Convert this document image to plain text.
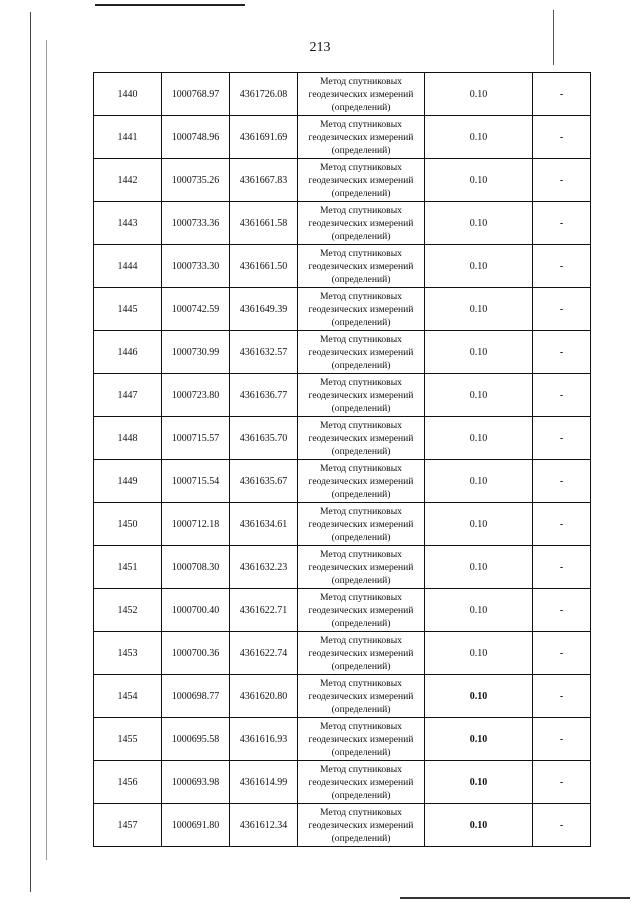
213
1440	1000768.97	4361726.08	Метод спутниковых
геодезических измерений
(определений)	0.10	-
1441	1000748.96	4361691.69	Метод спутниковых
геодезических измерений
(определений)	0.10	-
1442	1000735.26	4361667.83	Метод спутниковых
геодезических измерений
(определений)	0.10	-
1443	1000733.36	4361661.58	Метод спутниковых
геодезических измерений
(определений)	0.10	-
1444	1000733.30	4361661.50	Метод спутниковых
геодезических измерений
(определений)	0.10	-
1445	1000742.59	4361649.39	Метод спутниковых
геодезических измерений
(определений)	0.10	-
1446	1000730.99	4361632.57	Метод спутниковых
геодезических измерений
(определений)	0.10	-
1447	1000723.80	4361636.77	Метод спутниковых
геодезических измерений
(определений)	0.10	-
1448	1000715.57	4361635.70	Метод спутниковых
геодезических измерений
(определений)	0.10	-
1449	1000715.54	4361635.67	Метод спутниковых
геодезических измерений
(определений)	0.10	-
1450	1000712.18	4361634.61	Метод спутниковых
геодезических измерений
(определений)	0.10	-
1451	1000708.30	4361632.23	Метод спутниковых
геодезических измерений
(определений)	0.10	-
1452	1000700.40	4361622.71	Метод спутниковых
геодезических измерений
(определений)	0.10	-
1453	1000700.36	4361622.74	Метод спутниковых
геодезических измерений
(определений)	0.10	-
1454	1000698.77	4361620.80	Метод спутниковых
геодезических измерений
(определений)	0.10	-
1455	1000695.58	4361616.93	Метод спутниковых
геодезических измерений
(определений)	0.10	-
1456	1000693.98	4361614.99	Метод спутниковых
геодезических измерений
(определений)	0.10	-
1457	1000691.80	4361612.34	Метод спутниковых
геодезических измерений
(определений)	0.10	-
